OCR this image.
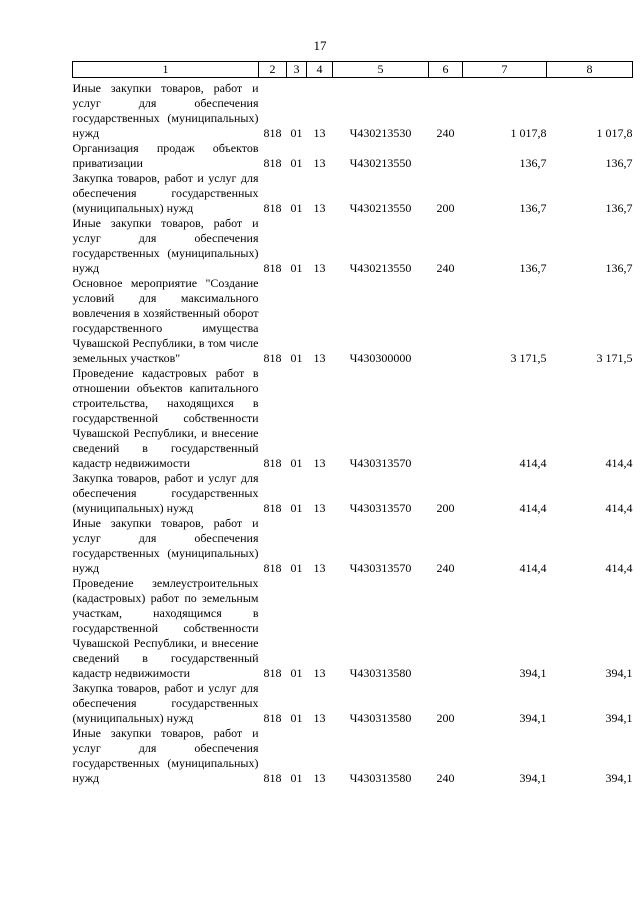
17
1	2	3	4	5	6	7	8

Иные закупки товаров, работ и услуг для обеспечения государственных (муниципальных) нужд	818	01	13	Ч430213530	240	1 017,8	1 017,8
Организация продаж объектов приватизации	818	01	13	Ч430213550		136,7	136,7
Закупка товаров, работ и услуг для обеспечения государственных (муниципальных) нужд	818	01	13	Ч430213550	200	136,7	136,7
Иные закупки товаров, работ и услуг для обеспечения государственных (муниципальных) нужд	818	01	13	Ч430213550	240	136,7	136,7
Основное мероприятие "Создание условий для максимального вовлечения в хозяйственный оборот государственного имущества Чувашской Республики, в том числе земельных участков"	818	01	13	Ч430300000		3 171,5	3 171,5
Проведение кадастровых работ в отношении объектов капитального строительства, находящихся в государственной собственности Чувашской Республики, и внесение сведений в государственный кадастр недвижимости	818	01	13	Ч430313570		414,4	414,4
Закупка товаров, работ и услуг для обеспечения государственных (муниципальных) нужд	818	01	13	Ч430313570	200	414,4	414,4
Иные закупки товаров, работ и услуг для обеспечения государственных (муниципальных) нужд	818	01	13	Ч430313570	240	414,4	414,4
Проведение землеустроительных (кадастровых) работ по земельным участкам, находящимся в государственной собственности Чувашской Республики, и внесение сведений в государственный кадастр недвижимости	818	01	13	Ч430313580		394,1	394,1
Закупка товаров, работ и услуг для обеспечения государственных (муниципальных) нужд	818	01	13	Ч430313580	200	394,1	394,1
Иные закупки товаров, работ и услуг для обеспечения государственных (муниципальных) нужд	818	01	13	Ч430313580	240	394,1	394,1
